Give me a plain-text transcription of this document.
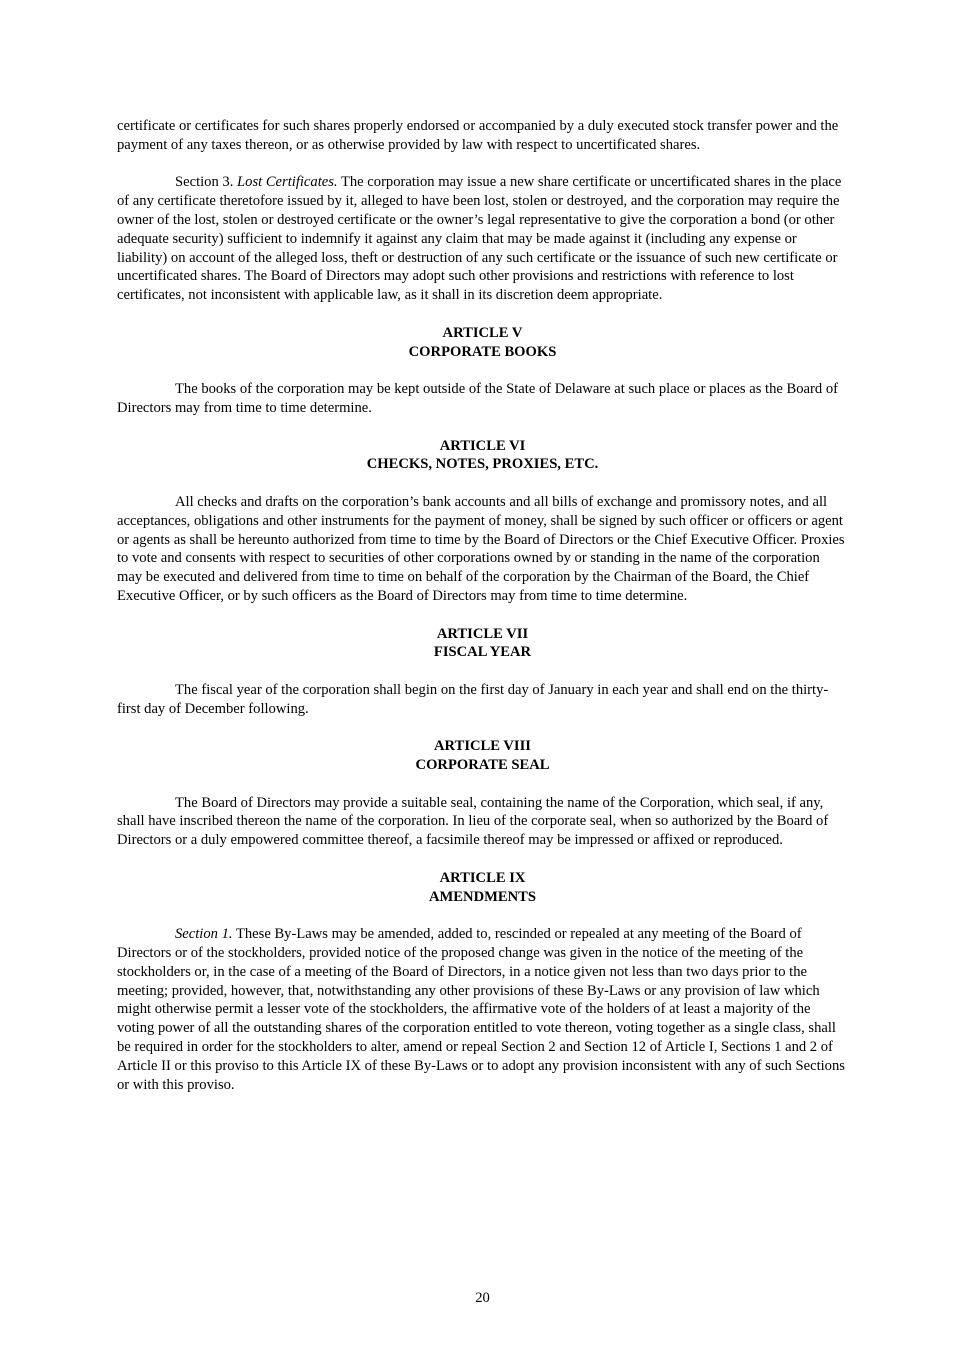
certificate or certificates for such shares properly endorsed or accompanied by a duly executed stock transfer power and the payment of any taxes thereon, or as otherwise provided by law with respect to uncertificated shares.

Section 3. Lost Certificates. The corporation may issue a new share certificate or uncertificated shares in the place of any certificate theretofore issued by it, alleged to have been lost, stolen or destroyed, and the corporation may require the owner of the lost, stolen or destroyed certificate or the owner’s legal representative to give the corporation a bond (or other adequate security) sufficient to indemnify it against any claim that may be made against it (including any expense or liability) on account of the alleged loss, theft or destruction of any such certificate or the issuance of such new certificate or uncertificated shares. The Board of Directors may adopt such other provisions and restrictions with reference to lost certificates, not inconsistent with applicable law, as it shall in its discretion deem appropriate.

ARTICLE V

CORPORATE BOOKS

The books of the corporation may be kept outside of the State of Delaware at such place or places as the Board of Directors may from time to time determine.

ARTICLE VI

CHECKS, NOTES, PROXIES, ETC.

All checks and drafts on the corporation’s bank accounts and all bills of exchange and promissory notes, and all acceptances, obligations and other instruments for the payment of money, shall be signed by such officer or officers or agent or agents as shall be hereunto authorized from time to time by the Board of Directors or the Chief Executive Officer. Proxies to vote and consents with respect to securities of other corporations owned by or standing in the name of the corporation may be executed and delivered from time to time on behalf of the corporation by the Chairman of the Board, the Chief Executive Officer, or by such officers as the Board of Directors may from time to time determine.

ARTICLE VII

FISCAL YEAR

The fiscal year of the corporation shall begin on the first day of January in each year and shall end on the thirty-first day of December following.

ARTICLE VIII

CORPORATE SEAL

The Board of Directors may provide a suitable seal, containing the name of the Corporation, which seal, if any, shall have inscribed thereon the name of the corporation. In lieu of the corporate seal, when so authorized by the Board of Directors or a duly empowered committee thereof, a facsimile thereof may be impressed or affixed or reproduced.

ARTICLE IX

AMENDMENTS

Section 1. These By-Laws may be amended, added to, rescinded or repealed at any meeting of the Board of Directors or of the stockholders, provided notice of the proposed change was given in the notice of the meeting of the stockholders or, in the case of a meeting of the Board of Directors, in a notice given not less than two days prior to the meeting; provided, however, that, notwithstanding any other provisions of these By-Laws or any provision of law which might otherwise permit a lesser vote of the stockholders, the affirmative vote of the holders of at least a majority of the voting power of all the outstanding shares of the corporation entitled to vote thereon, voting together as a single class, shall be required in order for the stockholders to alter, amend or repeal Section 2 and Section 12 of Article I, Sections 1 and 2 of Article II or this proviso to this Article IX of these By-Laws or to adopt any provision inconsistent with any of such Sections or with this proviso.

20
